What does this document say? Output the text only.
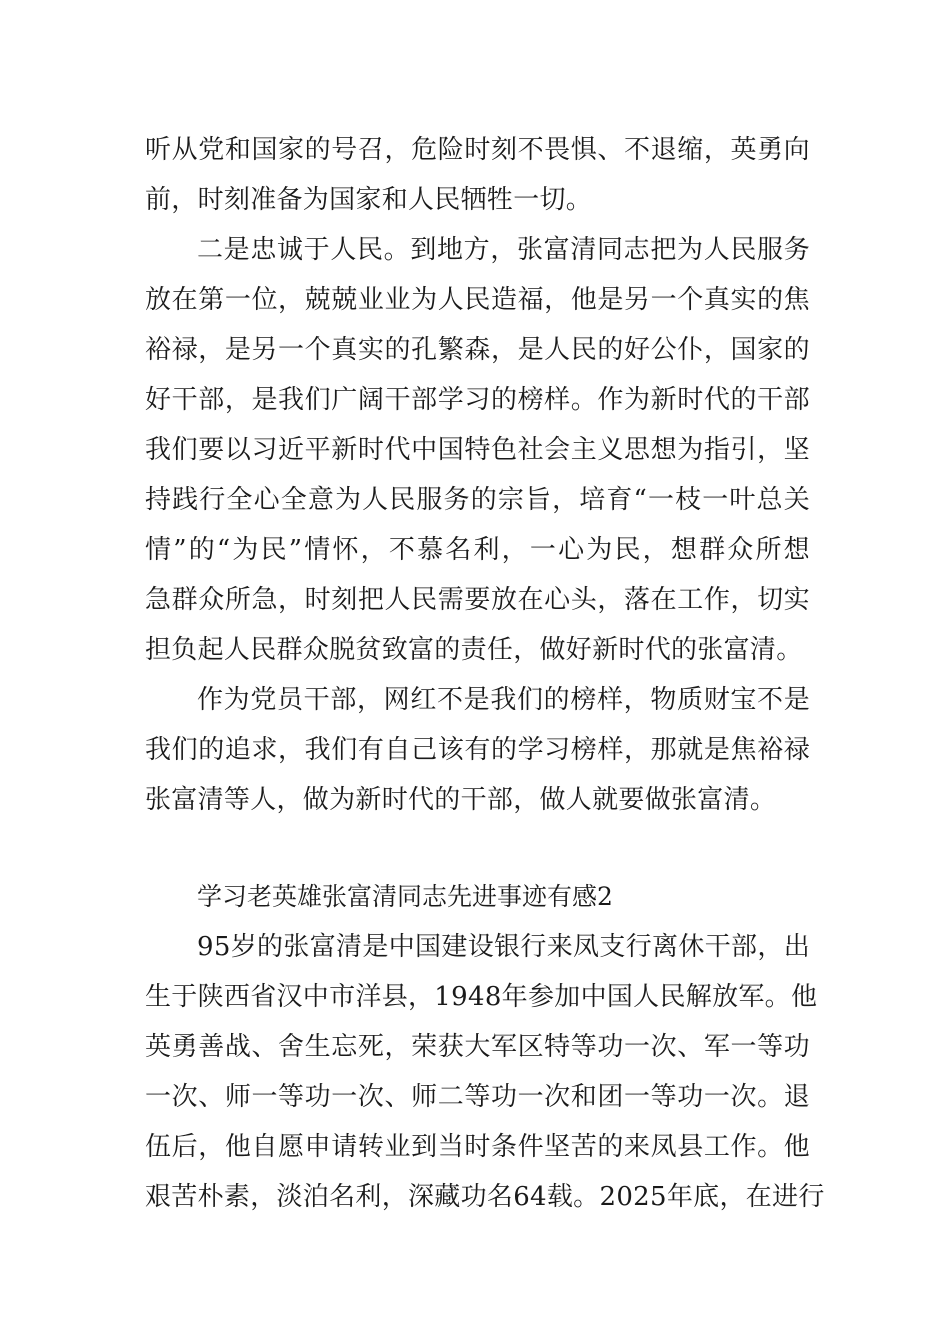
听从党和国家的号召，危险时刻不畏惧、不退缩，英勇向
前，时刻准备为国家和人民牺牲一切。
二是忠诚于人民。到地方，张富清同志把为人民服务
放在第一位，兢兢业业为人民造福，他是另一个真实的焦
裕禄，是另一个真实的孔繁森，是人民的好公仆，国家的
好干部，是我们广阔干部学习的榜样。作为新时代的干部
我们要以习近平新时代中国特色社会主义思想为指引，坚
持践行全心全意为人民服务的宗旨，培育“一枝一叶总关
情”的“为民”情怀，不慕名利，一心为民，想群众所想
急群众所急，时刻把人民需要放在心头，落在工作，切实
担负起人民群众脱贫致富的责任，做好新时代的张富清。
作为党员干部，网红不是我们的榜样，物质财宝不是
我们的追求，我们有自己该有的学习榜样，那就是焦裕禄
张富清等人，做为新时代的干部，做人就要做张富清。
学习老英雄张富清同志先进事迹有感2
95岁的张富清是中国建设银行来凤支行离休干部，出
生于陕西省汉中市洋县，1948年参加中国人民解放军。他
英勇善战、舍生忘死，荣获大军区特等功一次、军一等功
一次、师一等功一次、师二等功一次和团一等功一次。退
伍后，他自愿申请转业到当时条件坚苦的来凤县工作。他
艰苦朴素，淡泊名利，深藏功名64载。2025年底，在进行
